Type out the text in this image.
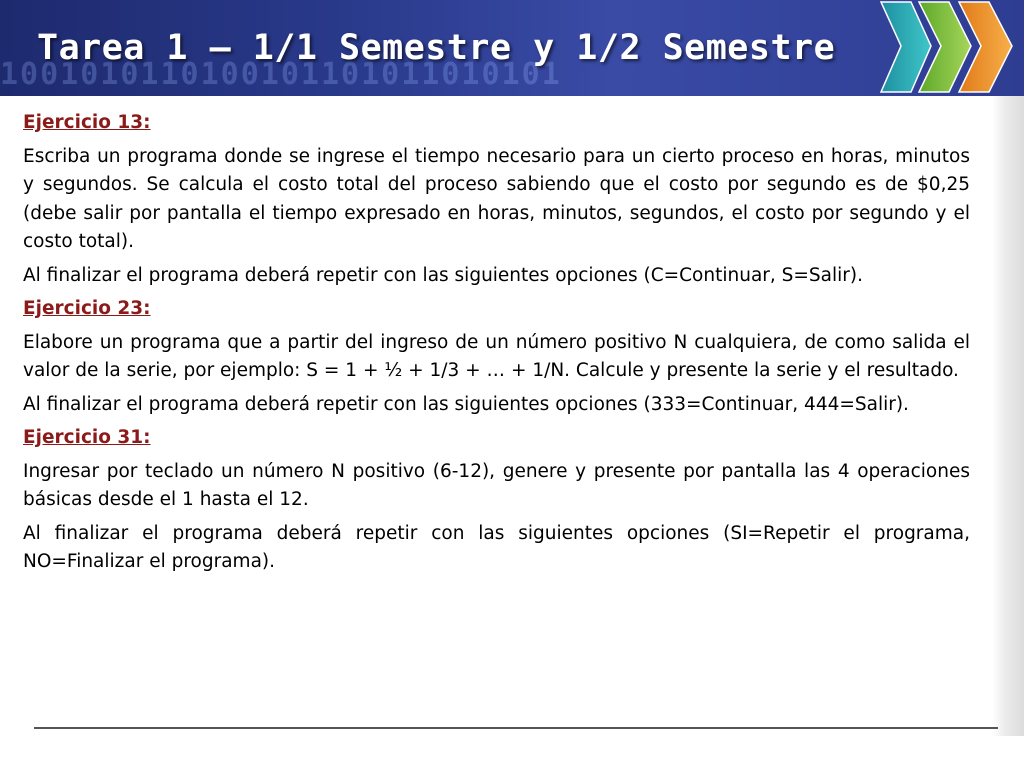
1001010110100101101011010101

Tarea 1 – 1/1 Semestre y 1/2 Semestre
Ejercicio 13:

Escriba un programa donde se ingrese el tiempo necesario para un cierto proceso en horas, minutos y segundos. Se calcula el costo total del proceso sabiendo que el costo por segundo es de $0,25 (debe salir por pantalla el tiempo expresado en horas, minutos, segundos, el costo por segundo y el costo total).

Al finalizar el programa deberá repetir con las siguientes opciones (C=Continuar, S=Salir).

Ejercicio 23:

Elabore un programa que a partir del ingreso de un número positivo N cualquiera, de como salida el valor de la serie, por ejemplo: S = 1 + ½ + 1/3 + … + 1/N. Calcule y presente la serie y el resultado.

Al finalizar el programa deberá repetir con las siguientes opciones (333=Continuar, 444=Salir).

Ejercicio 31:

Ingresar por teclado un número N positivo (6-12), genere y presente por pantalla las 4 operaciones básicas desde el 1 hasta el 12.

Al finalizar el programa deberá repetir con las siguientes opciones (SI=Repetir el programa, NO=Finalizar el programa).
